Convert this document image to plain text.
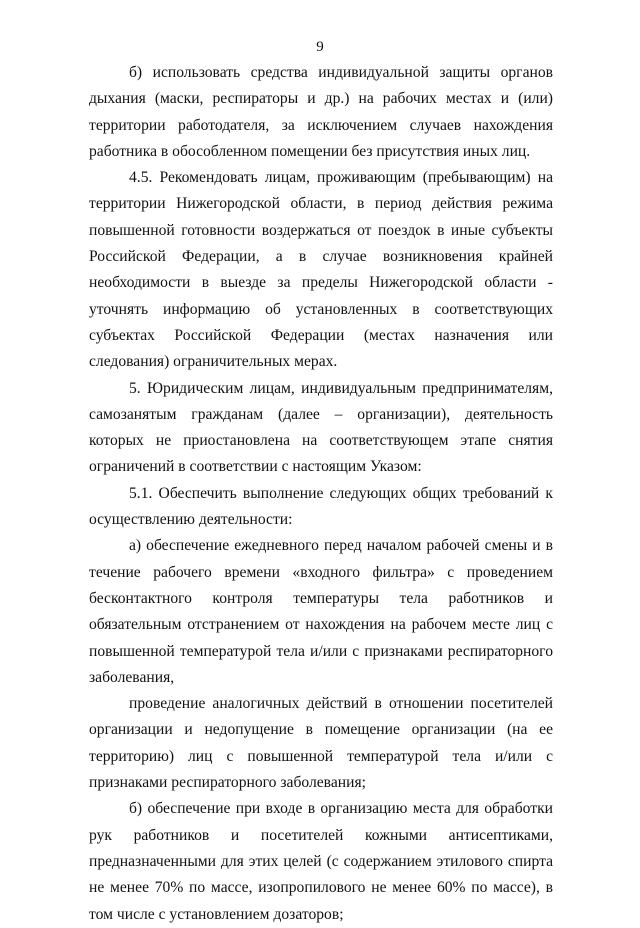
9

б) использовать средства индивидуальной защиты органов дыхания (маски, респираторы и др.) на рабочих местах и (или) территории работодателя, за исключением случаев нахождения работника в обособленном помещении без присутствия иных лиц.

4.5. Рекомендовать лицам, проживающим (пребывающим) на территории Нижегородской области, в период действия режима повышенной готовности воздержаться от поездок в иные субъекты Российской Федерации, а в случае возникновения крайней необходимости в выезде за пределы Нижегородской области - уточнять информацию об установленных в соответствующих субъектах Российской Федерации (местах назначения или следования) ограничительных мерах.

5. Юридическим лицам, индивидуальным предпринимателям, самозанятым гражданам (далее – организации), деятельность которых не приостановлена на соответствующем этапе снятия ограничений в соответствии с настоящим Указом:

5.1. Обеспечить выполнение следующих общих требований к осуществлению деятельности:

а) обеспечение ежедневного перед началом рабочей смены и в течение рабочего времени «входного фильтра» с проведением бесконтактного контроля температуры тела работников и обязательным отстранением от нахождения на рабочем месте лиц с повышенной температурой тела и/или с признаками респираторного заболевания,

проведение аналогичных действий в отношении посетителей организации и недопущение в помещение организации (на ее территорию) лиц с повышенной температурой тела и/или с признаками респираторного заболевания;

б) обеспечение при входе в организацию места для обработки рук работников и посетителей кожными антисептиками, предназначенными для этих целей (с содержанием этилового спирта не менее 70% по массе, изопропилового не менее 60% по массе), в том числе с установлением дозаторов;
